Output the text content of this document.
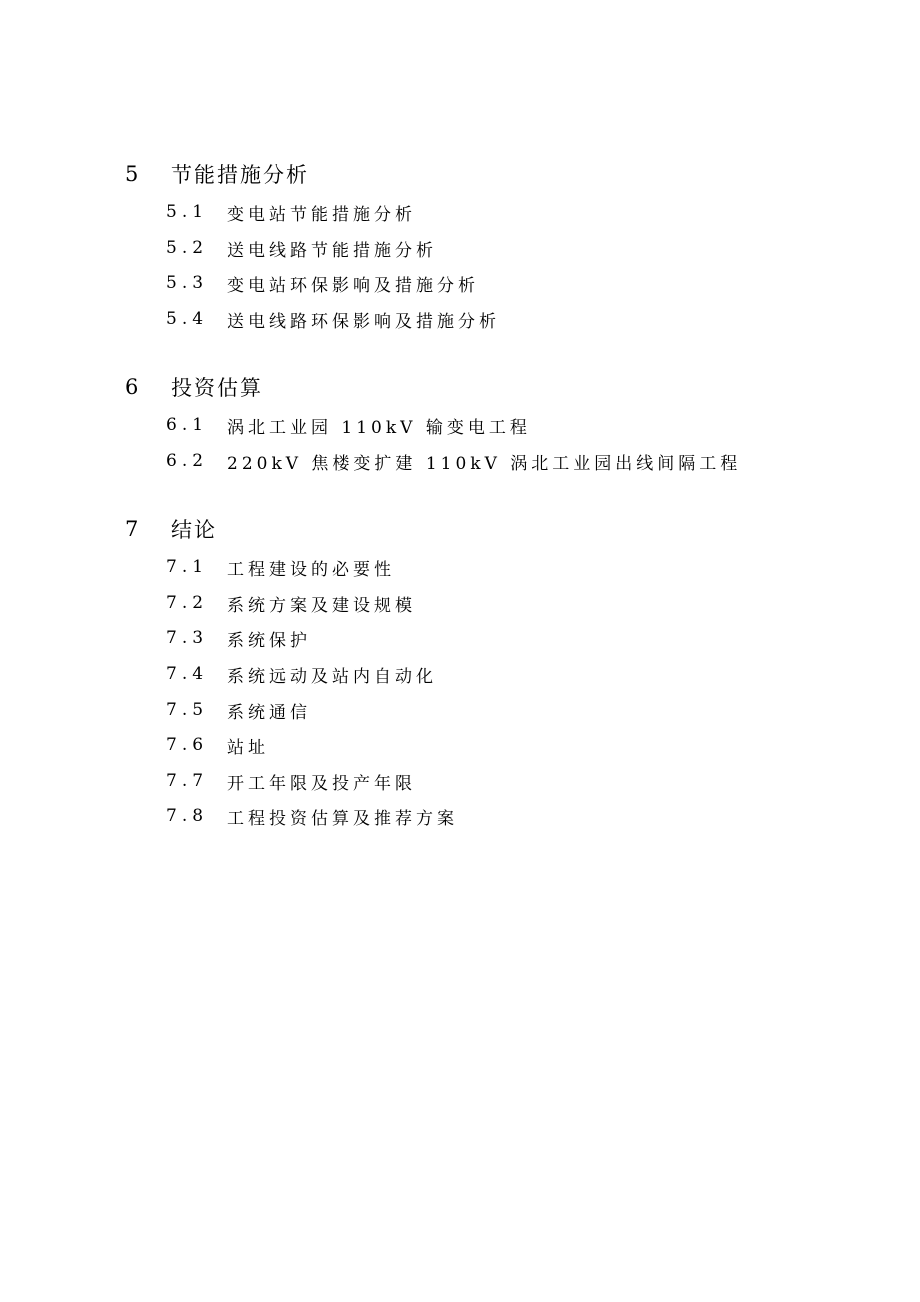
5	节能措施分析
5.1	变电站节能措施分析
5.2	送电线路节能措施分析
5.3	变电站环保影响及措施分析
5.4	送电线路环保影响及措施分析
6	投资估算
6.1	涡北工业园 110kV 输变电工程
6.2	220kV 焦楼变扩建 110kV 涡北工业园出线间隔工程
7	结论
7.1	工程建设的必要性
7.2	系统方案及建设规模
7.3	系统保护
7.4	系统远动及站内自动化
7.5	系统通信
7.6	站址
7.7	开工年限及投产年限
7.8	工程投资估算及推荐方案
